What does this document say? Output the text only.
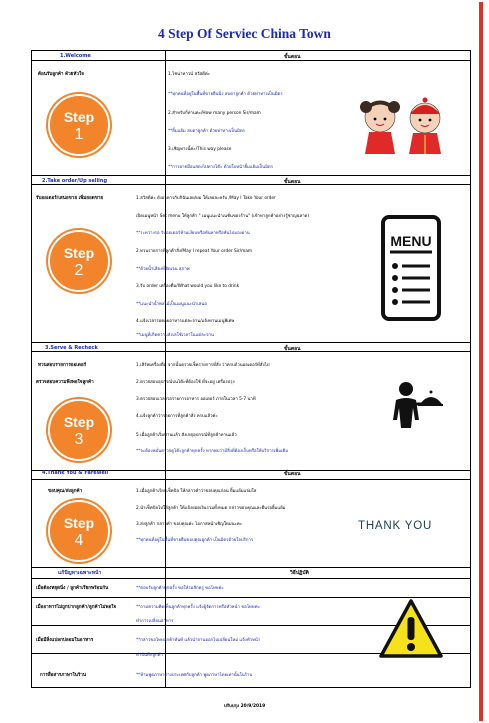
4 Step Of Serviec China Town
1.Welcome	ขั้นตอน
ต้อนรับลูกค้า ด้วยหัวใจ
Step
1
1.ไชน่าทาวน์ สวัสดีค่ะ
**ทุกคนที่อยู่ในพื้นที่ขายยืนนิ่ง สบตาลูกค้า ด้วยท่าทางเป็นมิตร
2.สำหรับกี่ท่านคะ/How many person Sir/mam
**ยิ้มแย้ม สบตาลูกค้า ด้วยท่าทางเป็นมิตร
3.เชิญทางนี้ค่ะ/This way please
**การผายมือแสดงไปทางโต๊ะ ด้วยใบหน้ายิ้มแย้มเป็นมิตร
2.Take order/Up selling	ขั้นตอน
รับออเดอร์/เสนอขาย เพิ่มยอดขาย
Step
2
1.สวัสดีค่ะ ยังอาหารกับกิฉันเลย/ผม ให้เลยละครับ /May I Take Your order
เปิดเมนูหน้า Set menu ให้ลูกค้า " เมนูแนะนำเนชั่นของร้าน" (เข้าหาลูกค้าอย่างรู้ชาญฉลาด)
**ระหว่างรอ รับออเดอร์ห้ามเงียบหรือหันหาหรือหันไปมองผ่าน
2.ทวนรายการที่ลูกค้าสั่ง/May I repeat Your order Sir/mam
**ด้วยน้ำเสียงที่ชัดเจน สุภาพ
3.รับ order เครื่องดื่ม/What would you like to drink
**แนะนำน้ำพลไม้เป็นเมนูแนะนำเสนอ
4.แจ้งเวลารอคอยอาหารแต่ละจาน/แจ้งทานเมนูพิเศษ
**เมนูที่เกิดความลังเลใช้เวลาในแต่ละจาน
MENU
3.Serve & Recheck	ขั้นตอน
ทวนสอบรายการออเดอร์
ตรวจสอบความพึงพอใจลูกค้า
Step
3
1.เสิร์ฟเครื่องดื่ม จากนั้นตรวจเช็ครายการที่สั่ง ว่าครบถ้วนออเดอร์ที่สั่งไป
2.ตรวจสอบอุปกรณ์บนโต๊ะที่ต้องใช้ ที่จะอยู่ เครื่องปรุง
3.ตรวจสอบเวลารอรายการอาหาร ออเดอร์ ภายในเวลา 5-7 นาที
4.แจ้งลูกค้าว่ารายการที่ลูกค้าสั่ง ครบแล้วค่ะ
5.เมื่อลูกค้าเริ่มทานแล้ว สังเกตุอุปกรณ์ที่ลูกค้าทานแล้ว
**จะต้องหมั่นตรวจดูโต๊ะลูกค้าทุกครั้ง หากพบว่ามีสิ่งที่ต้องเก็บหรือให้บริการเพิ่มเติม
4.Thank You & Farewell	ขั้นตอน
ขอบคุณ/ส่งลูกค้า
Step
4
1.เมื่อลูกค้าเรียกเช็คบิล ให้กล่าวคำว่าขอบคุณก่อน ยิ้มแย้มแจ่มใส
2.นำเช็คบิลไปให้ลูกค้า ให้แจ้งยอดเงินรวมทั้งหมด กล่าวขอบคุณและยืนรอยิ้มแย้ม
3.ส่งลูกค้า กล่าวคำ ขอบคุณค่ะ โอกาสหน้าเชิญใหม่นะคะ
**ทุกคนที่อยู่ในพื้นที่ขายยืนขอบคุณลูกค้า เป็นมิตรด้วยใจบริการ
THANK YOU
แก้ปัญหาเฉพาะหน้า	วิธีปฏิบัติ
เมื่อต้องหยุดนิ่ง / ลูกค้าเรียกพร้อมกัน	**ตอบรับลูกค้าทุกครั้ง ขอให้รอสักครู่ ขอโทษค่ะ
เมื่ออาหารไม่ถูกปากลูกค้า/ลูกค้าไม่พอใจ	**ถามความคิดเห็นลูกค้าทุกครั้ง แจ้งผู้จัดการหรือหัวหน้า ขอโทษค่ะ
ทำการเปลี่ยนอาหาร
เมื่อมีสิ่งแปลกปลอมในอาหาร	**กล่าวขอโทษลูกค้าทันที แล้วนำจานออกไปเปลี่ยนใหม่ แจ้งหัวหน้า
ทำบันทึกลูกค้า
การสื่อสารภาษาในร้าน	**ห้ามพูดภาษาต่างประเทศกับลูกค้า พูดภาษาไทยเท่านั้นในร้าน
ปรับปรุง 20/9/2019
